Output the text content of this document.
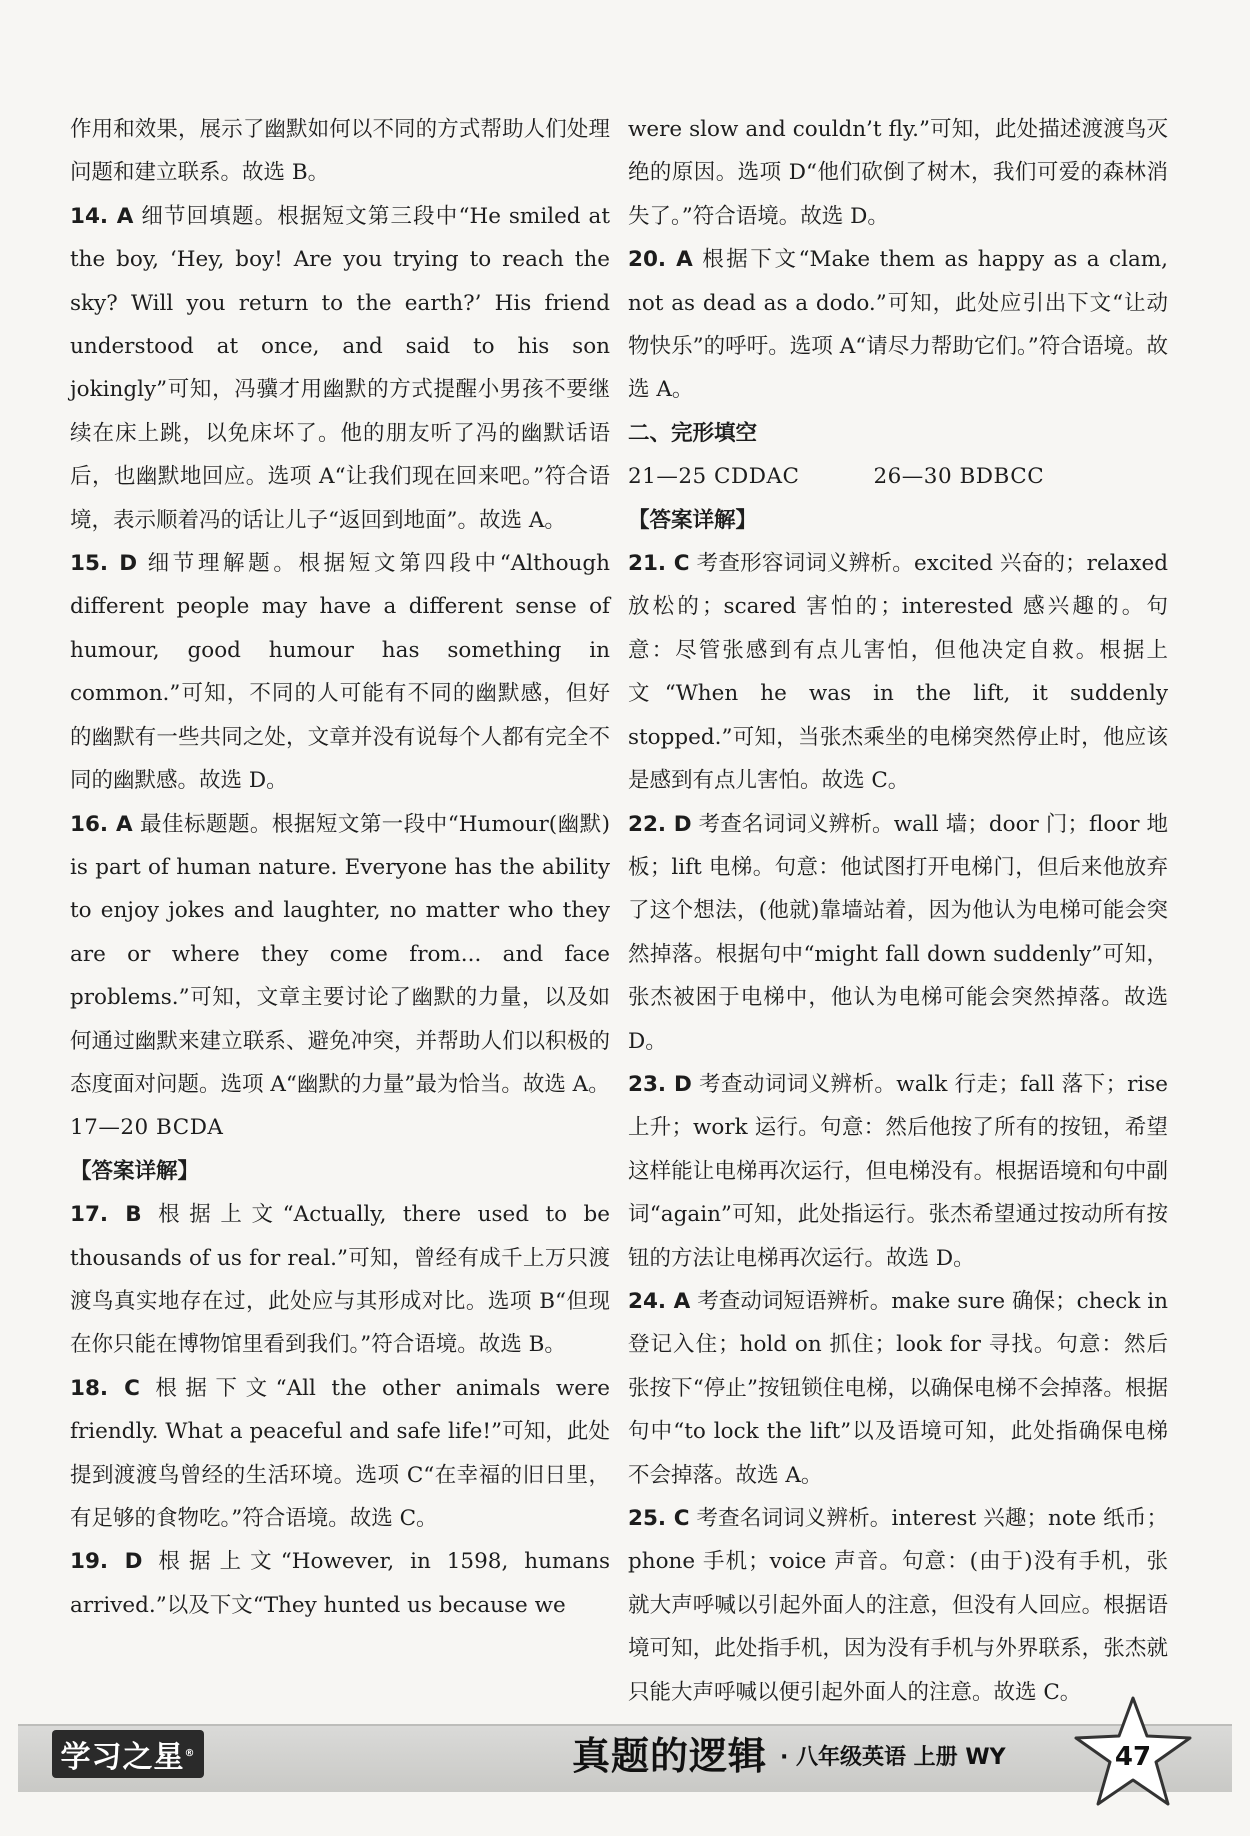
作用和效果，展示了幽默如何以不同的方式帮助人们处理问题和建立联系。故选 B。

14. A 细节回填题。根据短文第三段中“He smiled at the boy, ‘Hey, boy! Are you trying to reach the sky? Will you return to the earth?’ His friend understood at once, and said to his son jokingly”可知，冯骥才用幽默的方式提醒小男孩不要继续在床上跳，以免床坏了。他的朋友听了冯的幽默话语后，也幽默地回应。选项 A“让我们现在回来吧。”符合语境，表示顺着冯的话让儿子“返回到地面”。故选 A。

15. D 细节理解题。根据短文第四段中“Although different people may have a different sense of humour, good humour has something in common.”可知，不同的人可能有不同的幽默感，但好的幽默有一些共同之处，文章并没有说每个人都有完全不同的幽默感。故选 D。

16. A 最佳标题题。根据短文第一段中“Humour(幽默) is part of human nature. Everyone has the ability to enjoy jokes and laughter, no matter who they are or where they come from... and face problems.”可知，文章主要讨论了幽默的力量，以及如何通过幽默来建立联系、避免冲突，并帮助人们以积极的态度面对问题。选项 A“幽默的力量”最为恰当。故选 A。

17—20 BCDA

【答案详解】

17. B 根据上文“Actually, there used to be thousands of us for real.”可知，曾经有成千上万只渡渡鸟真实地存在过，此处应与其形成对比。选项 B“但现在你只能在博物馆里看到我们。”符合语境。故选 B。

18. C 根据下文“All the other animals were friendly. What a peaceful and safe life!”可知，此处提到渡渡鸟曾经的生活环境。选项 C“在幸福的旧日里，有足够的食物吃。”符合语境。故选 C。

19. D 根据上文“However, in 1598, humans arrived.”以及下文“They hunted us because we

were slow and couldn’t fly.”可知，此处描述渡渡鸟灭绝的原因。选项 D“他们砍倒了树木，我们可爱的森林消失了。”符合语境。故选 D。

20. A 根据下文“Make them as happy as a clam, not as dead as a dodo.”可知，此处应引出下文“让动物快乐”的呼吁。选项 A“请尽力帮助它们。”符合语境。故选 A。

二、完形填空

21—25 CDDAC	26—30 BDBCC

【答案详解】

21. C 考查形容词词义辨析。excited 兴奋的；relaxed 放松的；scared 害怕的；interested 感兴趣的。句意：尽管张感到有点儿害怕，但他决定自救。根据上文“When he was in the lift, it suddenly stopped.”可知，当张杰乘坐的电梯突然停止时，他应该是感到有点儿害怕。故选 C。

22. D 考查名词词义辨析。wall 墙；door 门；floor 地板；lift 电梯。句意：他试图打开电梯门，但后来他放弃了这个想法，(他就)靠墙站着，因为他认为电梯可能会突然掉落。根据句中“might fall down suddenly”可知，张杰被困于电梯中，他认为电梯可能会突然掉落。故选 D。

23. D 考查动词词义辨析。walk 行走；fall 落下；rise 上升；work 运行。句意：然后他按了所有的按钮，希望这样能让电梯再次运行，但电梯没有。根据语境和句中副词“again”可知，此处指运行。张杰希望通过按动所有按钮的方法让电梯再次运行。故选 D。

24. A 考查动词短语辨析。make sure 确保；check in 登记入住；hold on 抓住；look for 寻找。句意：然后张按下“停止”按钮锁住电梯，以确保电梯不会掉落。根据句中“to lock the lift”以及语境可知，此处指确保电梯不会掉落。故选 A。

25. C 考查名词词义辨析。interest 兴趣；note 纸币；phone 手机；voice 声音。句意：(由于)没有手机，张就大声呼喊以引起外面人的注意，但没有人回应。根据语境可知，此处指手机，因为没有手机与外界联系，张杰就只能大声呼喊以便引起外面人的注意。故选 C。

学习之星®	真题的逻辑 · 八年级英语 上册 WY	47
